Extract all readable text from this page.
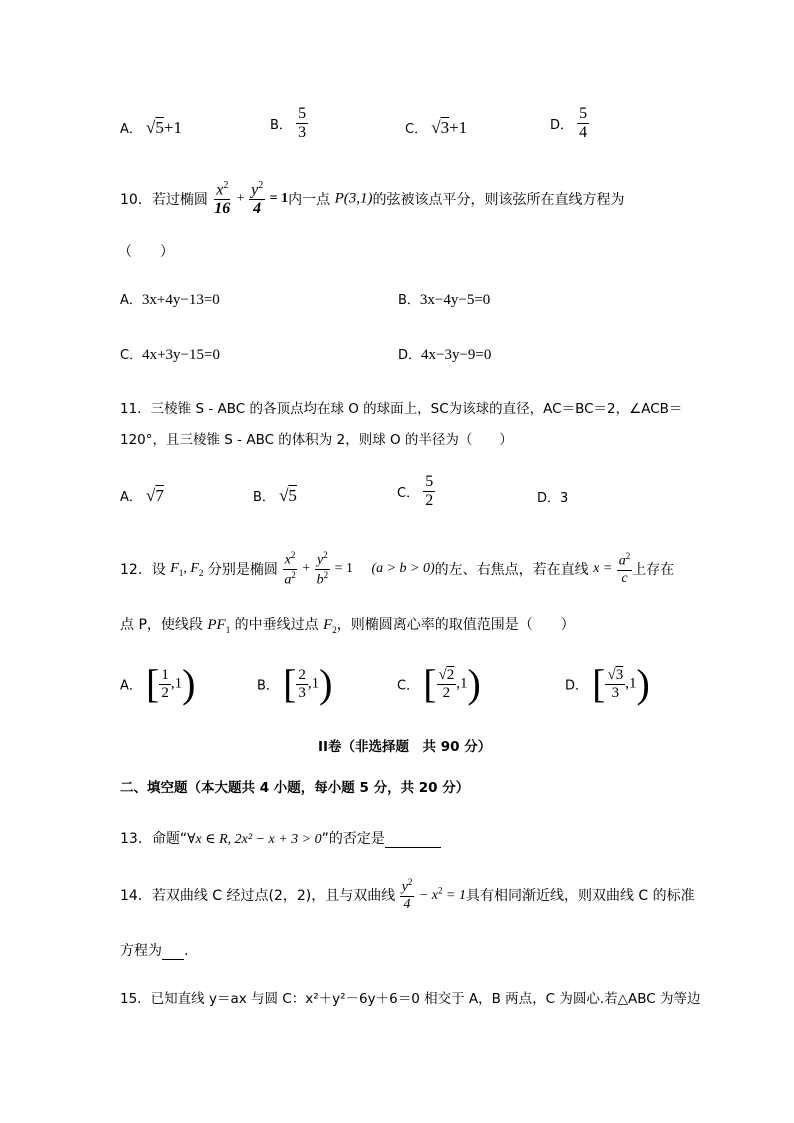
A． √5+1	B． $\frac{5}{3}$	C． √3+1	D． $\frac{5}{4}$
10．若过椭圆 $\frac{x^2}{16} + \frac{y^2}{4} = 1$内一点 P(3,1)的弦被该点平分，则该弦所在直线方程为
（　　）
A．3x+4y−13=0	B．3x−4y−5=0
C．4x+3y−15=0	D．4x−3y−9=0
11．三棱锥 S - ABC 的各顶点均在球 O 的球面上，SC为该球的直径，AC＝BC＝2，∠ACB＝
120°，且三棱锥 S - ABC 的体积为 2，则球 O 的半径为（　　）
A． √7	B． √5	C． $\frac{5}{2}$	D．3
12．设 $F_1$, $F_2$ 分别是椭圆 $\frac{x^2}{a^2} + \frac{y^2}{b^2} = 1$ (a > b > 0)的左、右焦点，若在直线 $x = \frac{a^2}{c}$ 上存在
点 P，使线段 $PF_1$ 的中垂线过点 $F_2$，则椭圆离心率的取值范围是（　　）
A． [ $\frac{1}{2} ,1$)	B． [ $\frac{2}{3} ,1$)	C． [ $\frac{√2}{2} ,1$)	D． [ $\frac{√3}{3} ,1$)
II卷（非选择题　共 90 分）
二、填空题（本大题共 4 小题，每小题 5 分，共 20 分）
13．命题“∀x ∈ R, 2x² − x + 3 > 0”的否定是
14．若双曲线 C 经过点(2，2)，且与双曲线 $\frac{y^2}{4} - x^2 = 1$具有相同渐近线，则双曲线 C 的标准
方程为 .
15．已知直线 y＝ax 与圆 C：x²＋y²－6y＋6＝0 相交于 A，B 两点，C 为圆心.若△ABC 为等边
